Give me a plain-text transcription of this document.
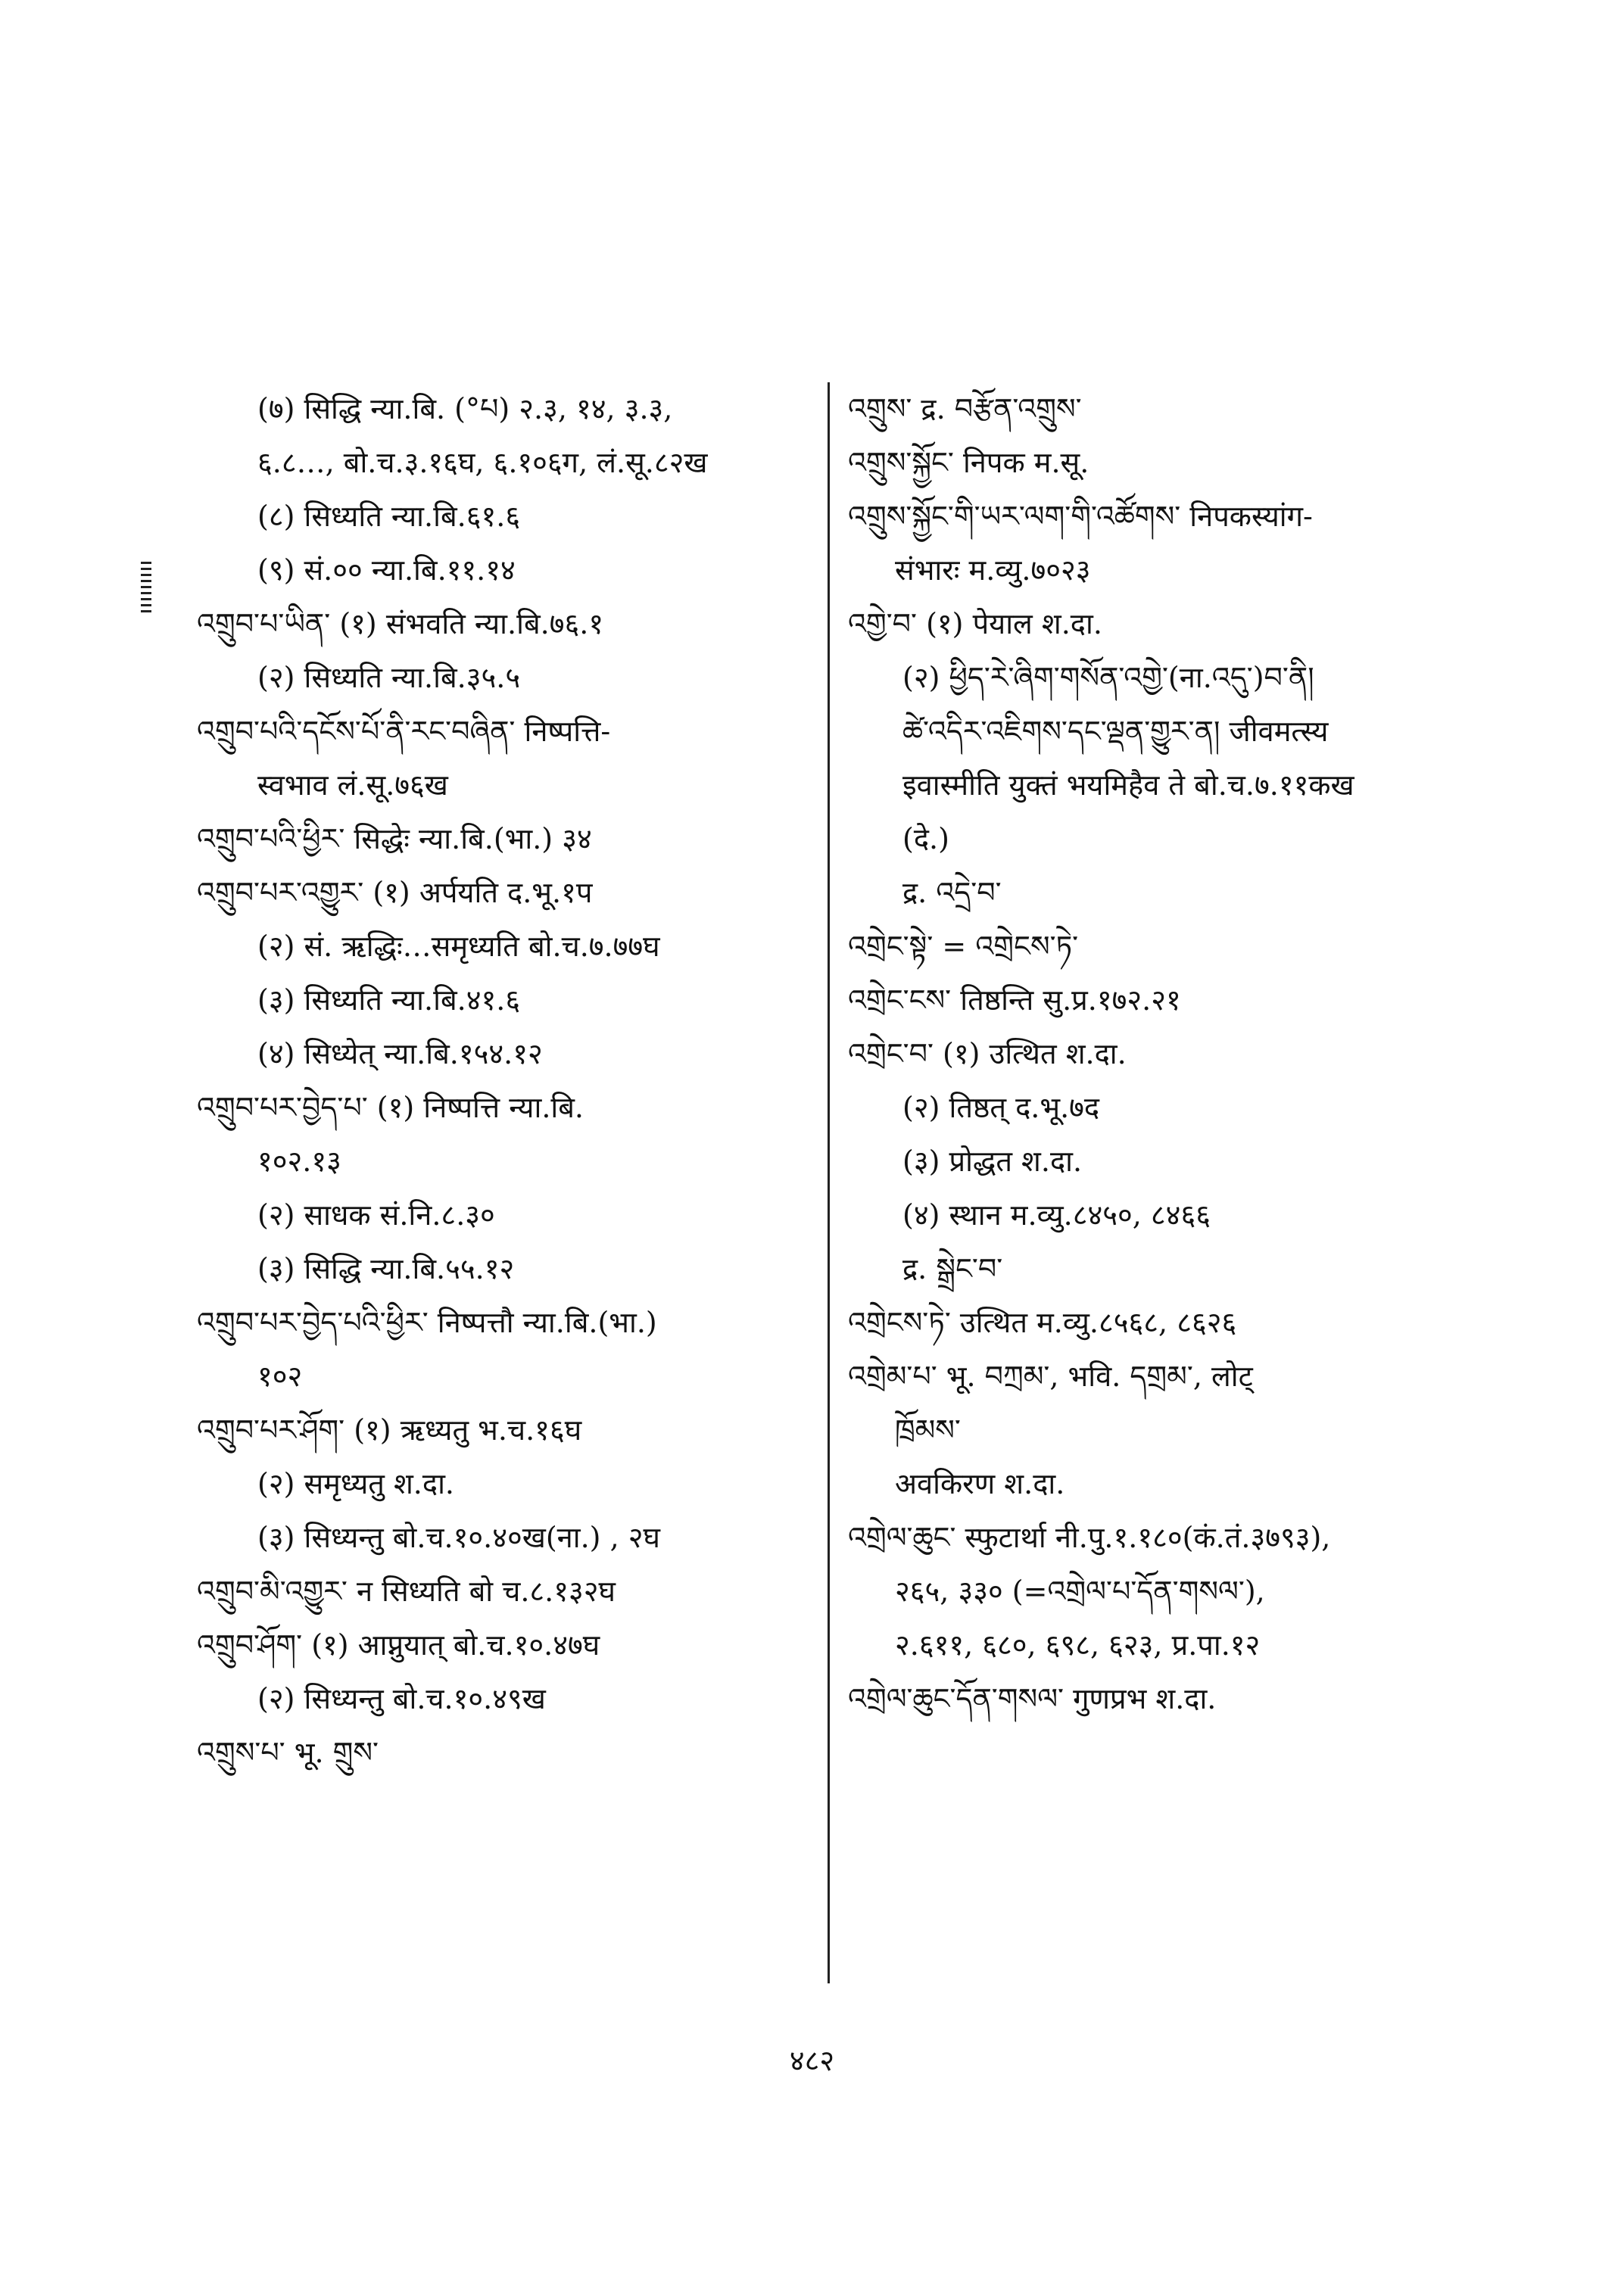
(७) सिद्धि न्या.बि. (°པ) २.३, १४, ३.३,
६.८…, बो.च.३.१६घ, ६.१०६ग, लं.सू.८२ख
(८) सिध्यति न्या.बि.६१.६
(९) सं.०० न्या.बि.११.१४
འགྲུབ་པ་ཡིན་ (१) संभवति न्या.बि.७६.१
(२) सिध्यति न्या.बि.३५.५
འགྲུབ་པའི་དངོས་པོ་ནི་རང་བཞིན་ निष्पत्ति-
स्वभाव लं.सू.७६ख
འགྲུབ་པའི་ཕྱིར་ सिद्धेः न्या.बि.(भा.) ३४
འགྲུབ་པར་འགྱུར་ (१) अर्पयति द.भू.१प
(२) सं. ऋद्धिः…समृध्यति बो.च.७.७७घ
(३) सिध्यति न्या.बि.४१.६
(४) सिध्येत् न्या.बि.१५४.१२
འགྲུབ་པར་བྱེད་པ་ (१) निष्पत्ति न्या.बि.
१०२.१३
(२) साधक सं.नि.८.३०
(३) सिद्धि न्या.बि.५५.१२
འགྲུབ་པར་བྱེད་པའི་ཕྱིར་ निष्पत्तौ न्या.बि.(भा.)
१०२
འགྲུབ་པར་ཤོག་ (१) ऋध्यतु भ.च.१६घ
(२) समृध्यतु श.दा.
(३) सिध्यन्तु बो.च.१०.४०ख(ना.) , २घ
འགྲུབ་མི་འགྱུར་ न सिध्यति बो च.८.१३२घ
འགྲུབ་ཤོག་ (१) आप्नुयात् बो.च.१०.४७घ
(२) सिध्यन्तु बो.च.१०.४९ख
འགྲུས་པ་ भू. གྲུས་
འགྲུས་ द्र. བརྩོན་འགྲུས་
འགྲུས་སྐྱོང་ निपक म.सू.
འགྲུས་སྐྱོང་གི་ཡར་ལག་གི་འཚོགས་ निपकस्यांग-
संभारः म.व्यु.७०२३
འགྱེ་བ་ (१) पेयाल श.दा.
(२) ཕྱིད་རེ་ཞིག་གསོན་འགྱེ་(ना.འདུ་)བ་ནི།
ཚེ་འདིར་འཇིགས་དང་ལྡན་གྱུར་ན། जीवमत्स्य
इवास्मीति युक्तं भयमिहैव ते बो.च.७.११कख
(दे.)
द्र. འདྲེ་བ་
འགྲེང་སྟེ་ = འགྲེངས་ཏེ་
འགྲེང་ངས་ तिष्ठन्ति सु.प्र.१७२.२१
འགྲེང་བ་ (१) उत्थित श.दा.
(२) तिष्ठत् द.भू.७द
(३) प्रोद्धत श.दा.
(४) स्थान म.व्यु.८४५०, ८४६६
द्र. སྒྲེང་བ་
འགྲེངས་ཏེ་ उत्थित म.व्यु.८५६८, ८६२६
འགྲེམ་པ་ भू. བཀྲམ་, भवि. དགྲམ་, लोट्
ཁྲོམས་
अवकिरण श.दा.
འགྲེལ་ཆུང་ स्फुटार्था नी.पु.१.१८०(कं.तं.३७९३),
२६५, ३३० (=འགྲེལ་པ་དོན་གསལ་),
२.६११, ६८०, ६९८, ६२३, प्र.पा.१२
འགྲེལ་ཆུང་དོན་གསལ་ गुणप्रभ श.दा.
४८२
